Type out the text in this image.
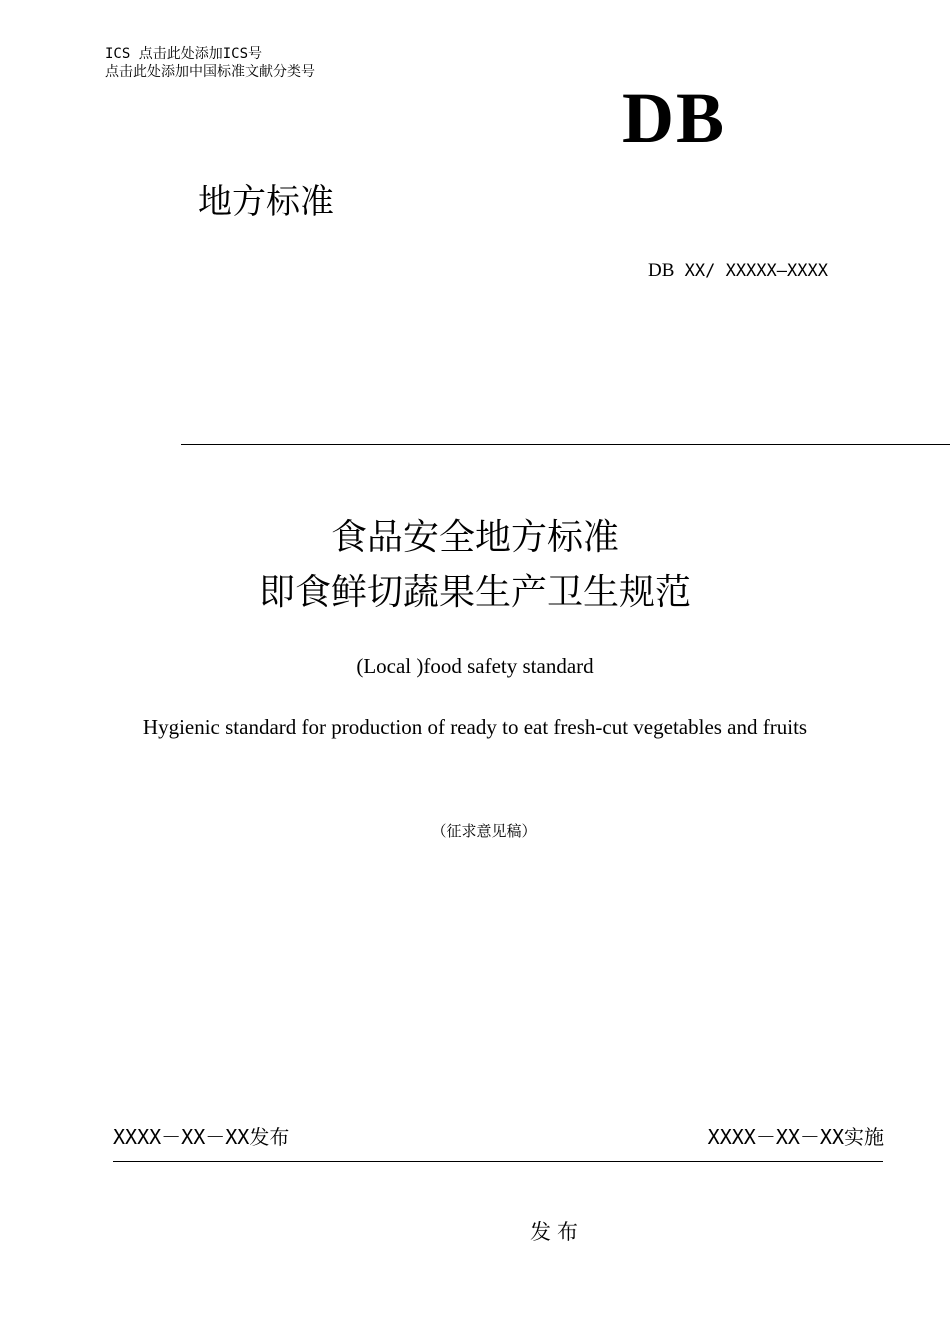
ICS 点击此处添加ICS号
点击此处添加中国标准文献分类号
DB
地方标准
DB XX/ XXXXX—XXXX
食品安全地方标准
即食鲜切蔬果生产卫生规范
(Local )food safety standard
Hygienic standard for production of ready to eat fresh-cut vegetables and fruits
（征求意见稿）
XXXX－XX－XX发布	XXXX－XX－XX实施
发布
